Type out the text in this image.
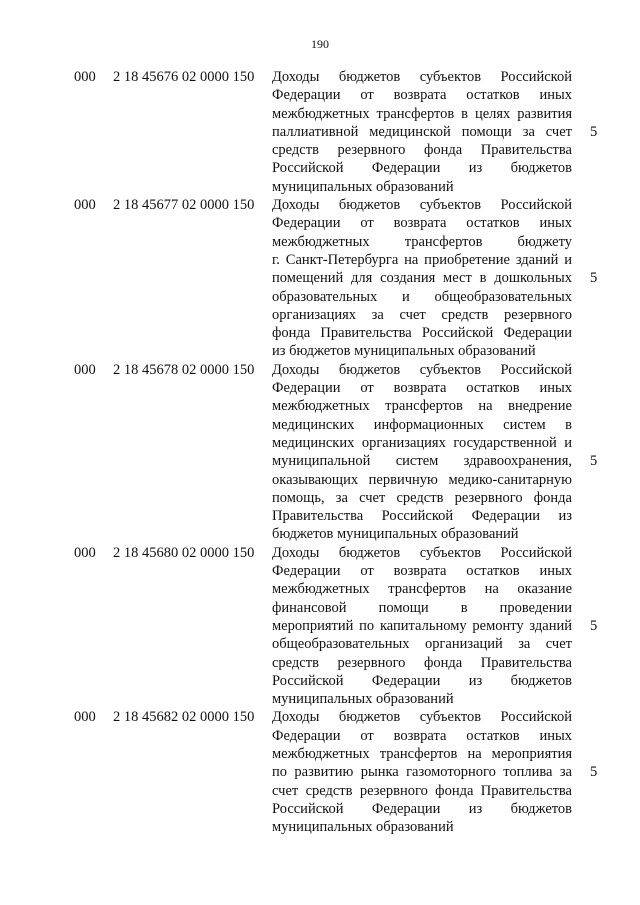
190
000 2 18 45676 02 0000 150 Доходы бюджетов субъектов Российской
Федерации от возврата остатков иных
межбюджетных трансфертов в целях развития
паллиативной медицинской помощи за счет
средств резервного фонда Правительства
Российской Федерации из бюджетов
муниципальных образований
5
000 2 18 45677 02 0000 150 Доходы бюджетов субъектов Российской
Федерации от возврата остатков иных
межбюджетных трансфертов бюджету
г. Санкт-Петербурга на приобретение зданий и
помещений для создания мест в дошкольных
образовательных и общеобразовательных
организациях за счет средств резервного
фонда Правительства Российской Федерации
из бюджетов муниципальных образований
5
000 2 18 45678 02 0000 150 Доходы бюджетов субъектов Российской
Федерации от возврата остатков иных
межбюджетных трансфертов на внедрение
медицинских информационных систем в
медицинских организациях государственной и
муниципальной систем здравоохранения,
оказывающих первичную медико-санитарную
помощь, за счет средств резервного фонда
Правительства Российской Федерации из
бюджетов муниципальных образований
5
000 2 18 45680 02 0000 150 Доходы бюджетов субъектов Российской
Федерации от возврата остатков иных
межбюджетных трансфертов на оказание
финансовой помощи в проведении
мероприятий по капитальному ремонту зданий
общеобразовательных организаций за счет
средств резервного фонда Правительства
Российской Федерации из бюджетов
муниципальных образований
5
000 2 18 45682 02 0000 150 Доходы бюджетов субъектов Российской
Федерации от возврата остатков иных
межбюджетных трансфертов на мероприятия
по развитию рынка газомоторного топлива за
счет средств резервного фонда Правительства
Российской Федерации из бюджетов
муниципальных образований
5
